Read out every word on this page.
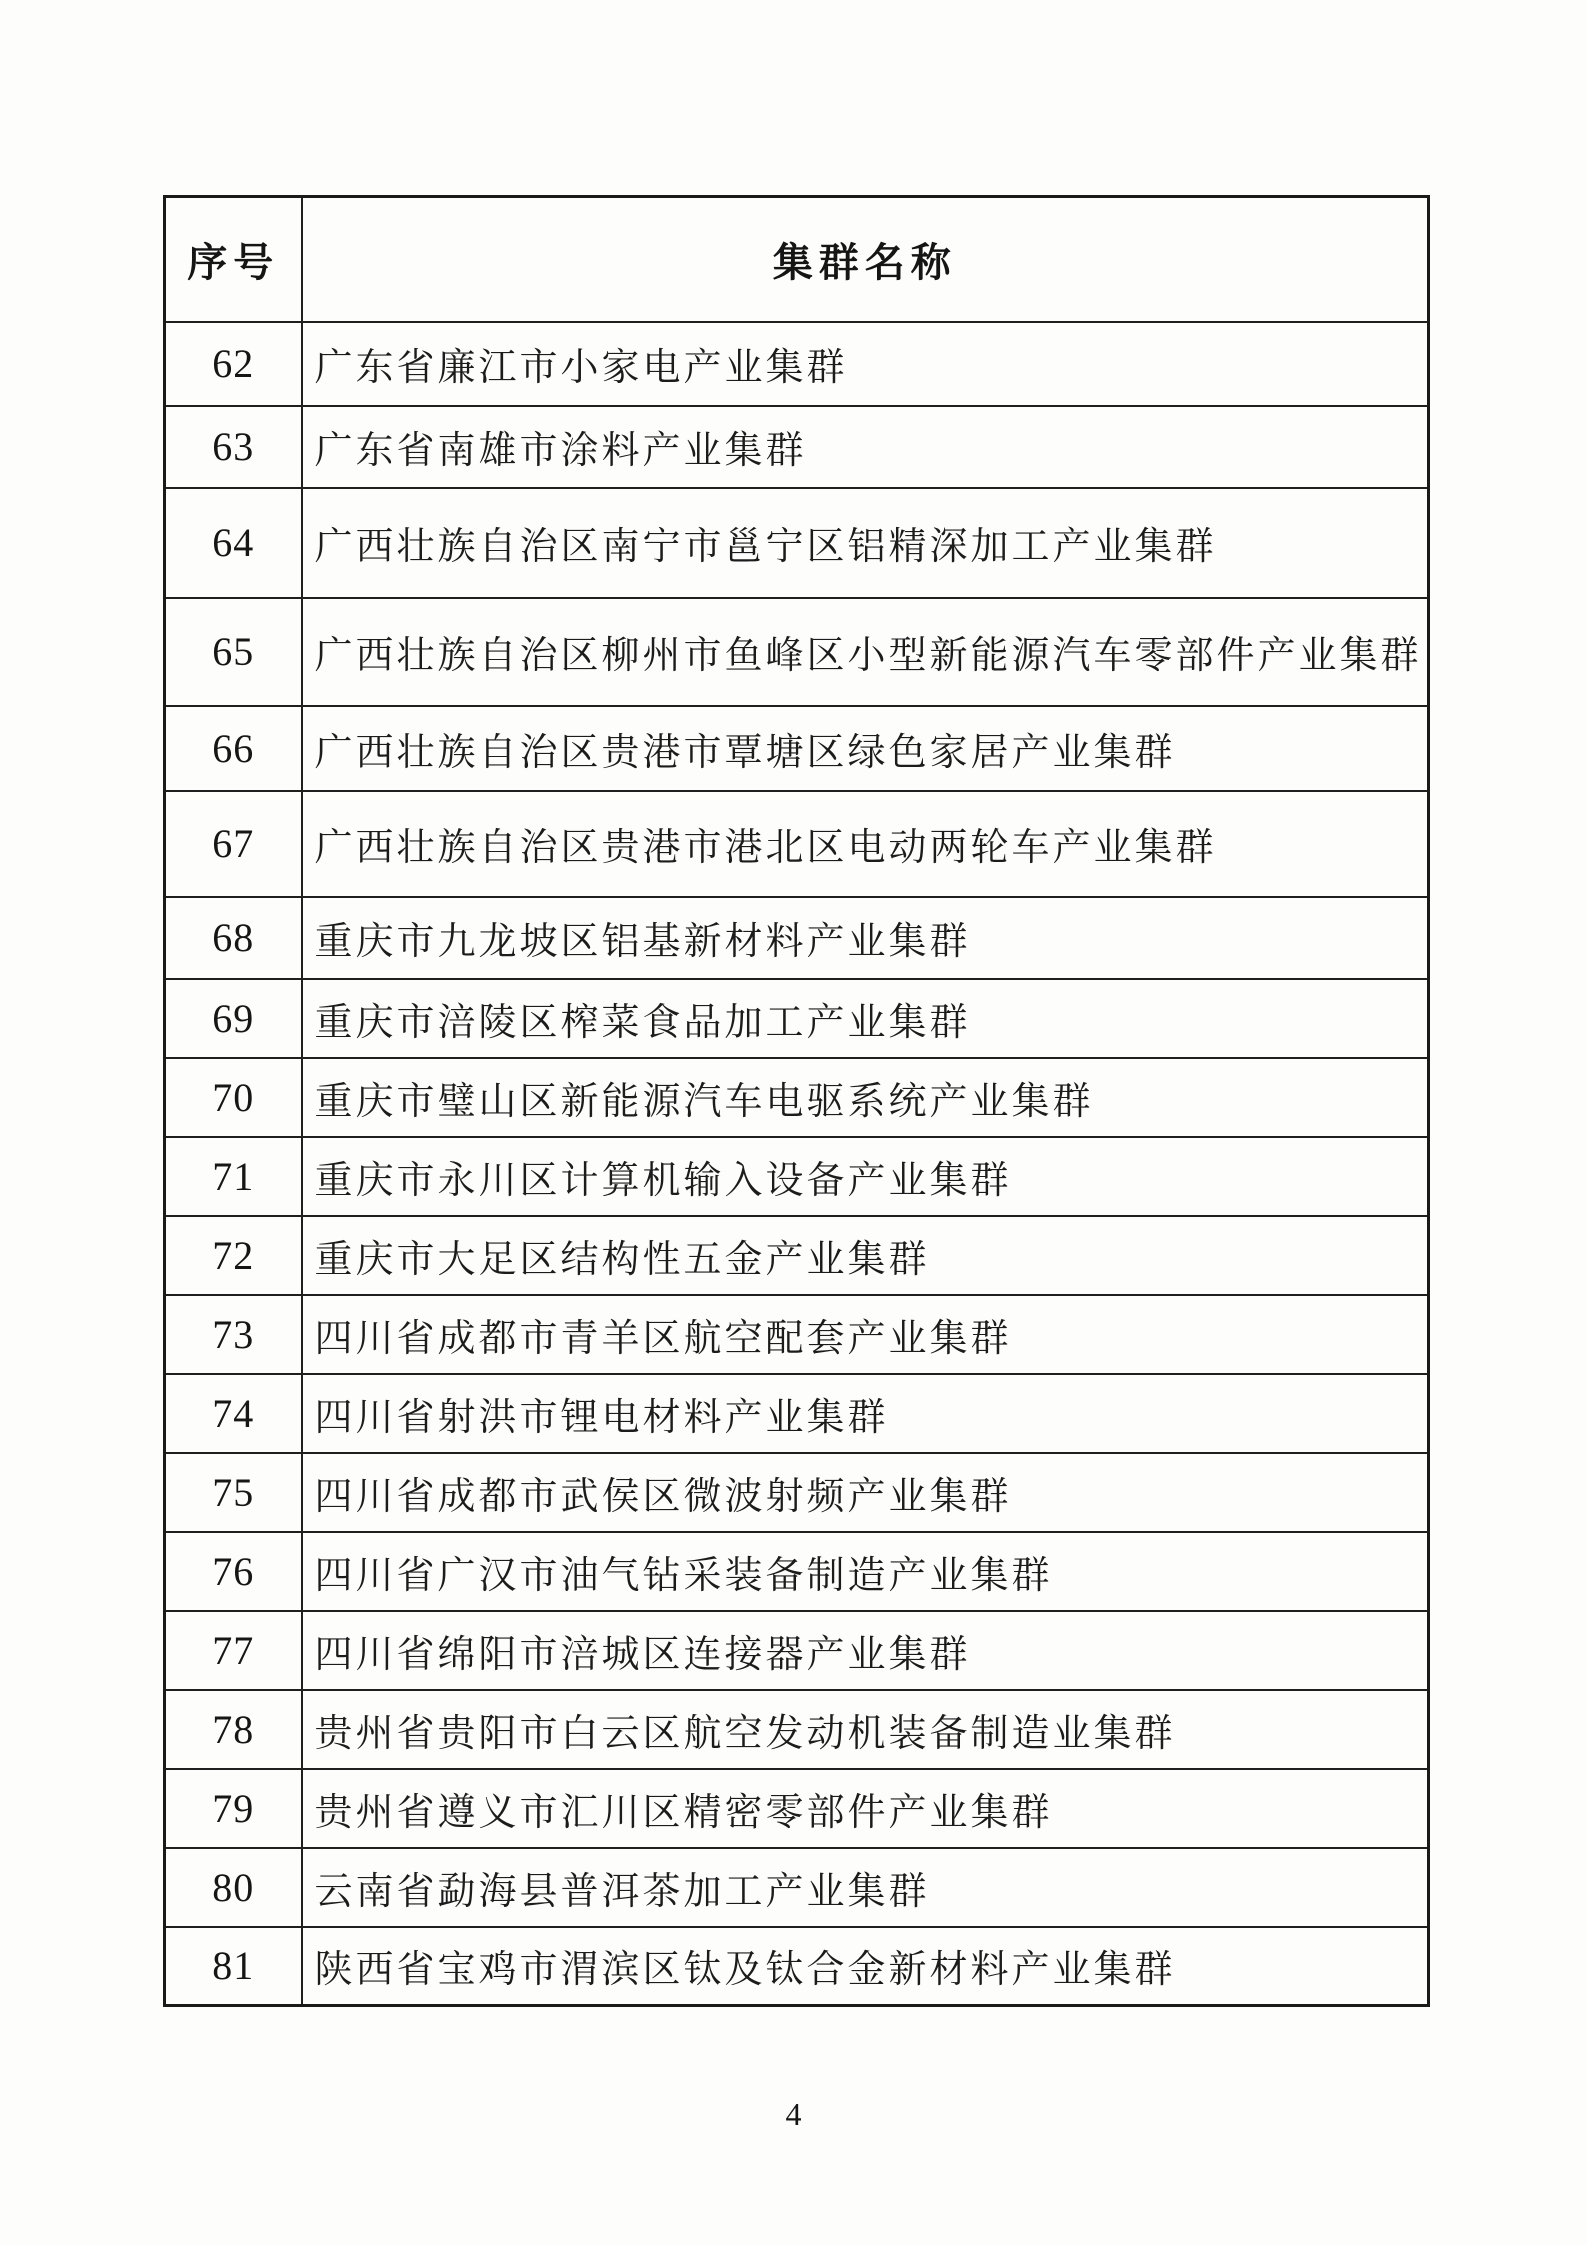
序号	集群名称
62	广东省廉江市小家电产业集群
63	广东省南雄市涂料产业集群
64	广西壮族自治区南宁市邕宁区铝精深加工产业集群
65	广西壮族自治区柳州市鱼峰区小型新能源汽车零部件产业集群
66	广西壮族自治区贵港市覃塘区绿色家居产业集群
67	广西壮族自治区贵港市港北区电动两轮车产业集群
68	重庆市九龙坡区铝基新材料产业集群
69	重庆市涪陵区榨菜食品加工产业集群
70	重庆市璧山区新能源汽车电驱系统产业集群
71	重庆市永川区计算机输入设备产业集群
72	重庆市大足区结构性五金产业集群
73	四川省成都市青羊区航空配套产业集群
74	四川省射洪市锂电材料产业集群
75	四川省成都市武侯区微波射频产业集群
76	四川省广汉市油气钻采装备制造产业集群
77	四川省绵阳市涪城区连接器产业集群
78	贵州省贵阳市白云区航空发动机装备制造业集群
79	贵州省遵义市汇川区精密零部件产业集群
80	云南省勐海县普洱茶加工产业集群
81	陕西省宝鸡市渭滨区钛及钛合金新材料产业集群
4
